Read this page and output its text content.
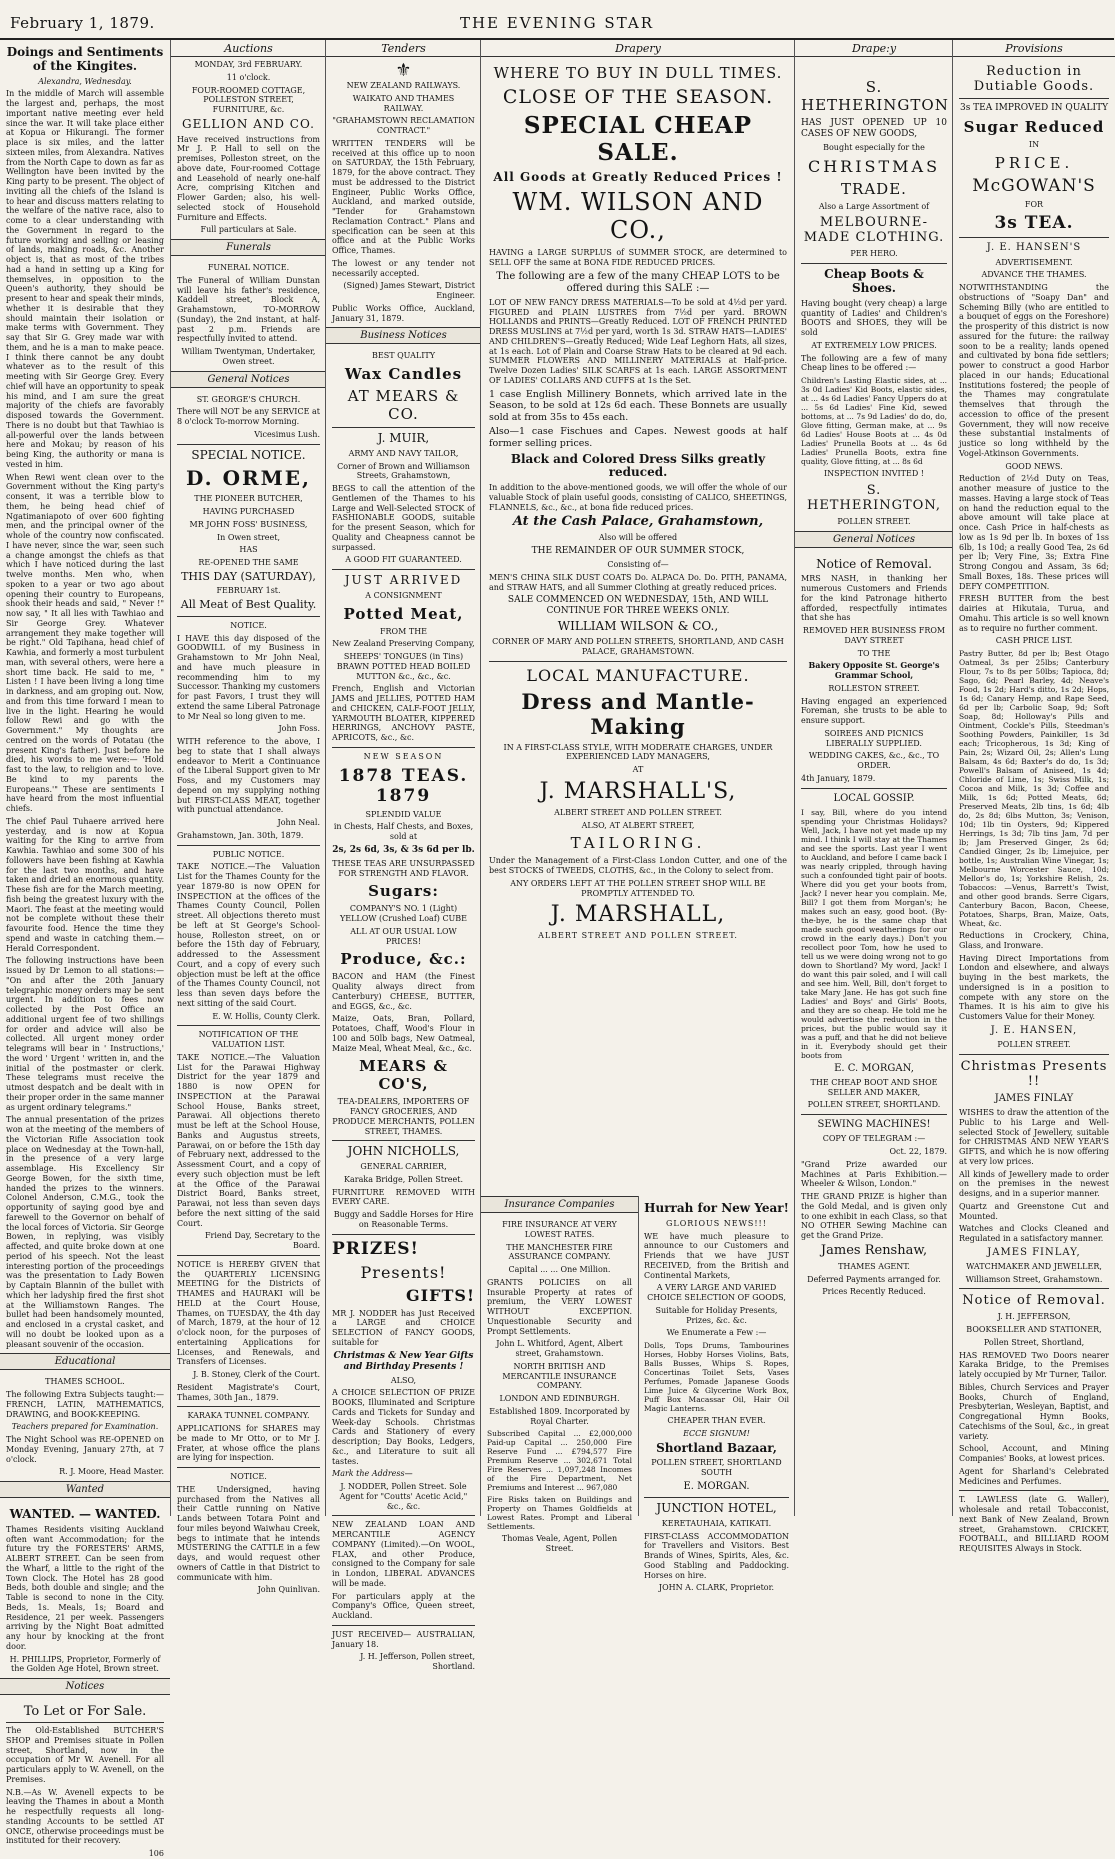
February 1, 1879.	THE EVENING STAR
Doings and Sentiments of the Kingites.

Alexandra, Wednesday.

In the middle of March will assemble the largest and, perhaps, the most important native meeting ever held since the war. It will take place either at Kopua or Hikurangi. The former place is six miles, and the latter sixteen miles, from Alexandra. Natives from the North Cape to down as far as Wellington have been invited by the King party to be present. The object of inviting all the chiefs of the Island is to hear and discuss matters relating to the welfare of the native race, also to come to a clear understanding with the Government in regard to the future working and selling or leasing of lands, making roads, &c. Another object is, that as most of the tribes had a hand in setting up a King for themselves, in opposition to the Queen's authority, they should be present to hear and speak their minds, whether it is desirable that they should maintain their isolation or make terms with Government. They say that Sir G. Grey made war with them, and he is a man to make peace. I think there cannot be any doubt whatever as to the result of this meeting with Sir George Grey. Every chief will have an opportunity to speak his mind, and I am sure the great majority of the chiefs are favorably disposed towards the Government. There is no doubt but that Tawhiao is all-powerful over the lands between here and Mokau; by reason of his being King, the authority or mana is vested in him.

When Rewi went clean over to the Government without the King party's consent, it was a terrible blow to them, he being head chief of Ngatimaniapoto of over 600 fighting men, and the principal owner of the whole of the country now confiscated. I have never, since the war, seen such a change amongst the chiefs as that which I have noticed during the last twelve months. Men who, when spoken to a year or two ago about opening their country to Europeans, shook their heads and said, " Never !" now say, " It all lies with Tawhiao and Sir George Grey. Whatever arrangement they make together will be right." Old Tapihana, head chief of Kawhia, and formerly a most turbulent man, with several others, were here a short time back. He said to me, " Listen ! I have been living a long time in darkness, and am groping out. Now, and from this time forward I mean to live in the light. Hearing he would follow Rewi and go with the Government." My thoughts are centred on the words of Potatau (the present King's father). Just before he died, his words to me were:— 'Hold fast to the law, to religion and to love. Be kind to my parents the Europeans.'" These are sentiments I have heard from the most influential chiefs.

The chief Paul Tuhaere arrived here yesterday, and is now at Kopua waiting for the King to arrive from Kawhia. Tawhiao and some 300 of his followers have been fishing at Kawhia for the last two months, and have taken and dried an enormous quantity. These fish are for the March meeting, fish being the greatest luxury with the Maori. The feast at the meeting would not be complete without these their favourite food. Hence the time they spend and waste in catching them.—Herald Correspondent.

The following instructions have been issued by Dr Lemon to all stations:— "On and after the 20th January telegraphic money orders may be sent urgent. In addition to fees now collected by the Post Office an additional urgent fee of two shillings for order and advice will also be collected. All urgent money order telegrams will bear in ' Instructions,' the word ' Urgent ' written in, and the initial of the postmaster or clerk. These telegrams must receive the utmost despatch and be dealt with in their proper order in the same manner as urgent ordinary telegrams."

The annual presentation of the prizes won at the meeting of the members of the Victorian Rifle Association took place on Wednesday at the Town-hall, in the presence of a very large assemblage. His Excellency Sir George Bowen, for the sixth time, handed the prizes to the winners. Colonel Anderson, C.M.G., took the opportunity of saying good bye and farewell to the Governor on behalf of the local forces of Victoria. Sir George Bowen, in replying, was visibly affected, and quite broke down at one period of his speech. Not the least interesting portion of the proceedings was the presentation to Lady Bowen by Captain Blannin of the bullet with which her ladyship fired the first shot at the Williamstown Ranges. The bullet had been handsomely mounted, and enclosed in a crystal casket, and will no doubt be looked upon as a pleasant souvenir of the occasion.

Educational

THAMES SCHOOL.

The following Extra Subjects taught:— FRENCH, LATIN, MATHEMATICS, DRAWING, and BOOK-KEEPING.

Teachers prepared for Examination.

The Night School was RE-OPENED on Monday Evening, January 27th, at 7 o'clock.

R. J. Moore, Head Master.

Wanted
WANTED. — WANTED.

Thames Residents visiting Auckland often want Accommodation; for the future try the FORESTERS' ARMS, ALBERT STREET. Can be seen from the Wharf, a little to the right of the Town Clock. The Hotel has 28 good Beds, both double and single; and the Table is second to none in the City. Beds, 1s. Meals, 1s; Board and Residence, 21 per week. Passengers arriving by the Night Boat admitted any hour by knocking at the front door.

H. PHILLIPS, Proprietor, Formerly of the Golden Age Hotel, Brown street.

Notices
To Let or For Sale.

The Old-Established BUTCHER'S SHOP and Premises situate in Pollen street, Shortland, now in the occupation of Mr W. Avenell. For all particulars apply to W. Avenell, on the Premises.

N.B.—As W. Avenell expects to be leaving the Thames in about a Month he respectfully requests all long-standing Accounts to be settled AT ONCE, otherwise proceedings must be instituted for their recovery.

106

Auctions

MONDAY, 3rd FEBRUARY.

11 o'clock.

FOUR-ROOMED COTTAGE, POLLESTON STREET, FURNITURE, &c.

GELLION AND CO.

Have received instructions from Mr J. P. Hall to sell on the premises, Polleston street, on the above date, Four-roomed Cottage and Leasehold of nearly one-half Acre, comprising Kitchen and Flower Garden; also, his well-selected stock of Household Furniture and Effects.

Full particulars at Sale.

Funerals

FUNERAL NOTICE.

The Funeral of William Dunstan will leave his father's residence, Kaddell street, Block A, Grahamstown, TO-MORROW (Sunday), the 2nd instant, at half-past 2 p.m. Friends are respectfully invited to attend.

William Twentyman, Undertaker, Owen street.

General Notices

ST. GEORGE'S CHURCH.

There will NOT be any SERVICE at 8 o'clock To-morrow Morning.

Vicesimus Lush.

SPECIAL NOTICE.
D. ORME,

THE PIONEER BUTCHER,

HAVING PURCHASED

MR JOHN FOSS' BUSINESS,

In Owen street,

HAS

RE-OPENED THE SAME

THIS DAY (SATURDAY),

FEBRUARY 1st.

All Meat of Best Quality.

NOTICE.

I HAVE this day disposed of the GOODWILL of my Business in Grahamstown to Mr John Neal, and have much pleasure in recommending him to my Successor. Thanking my customers for past Favors, I trust they will extend the same Liberal Patronage to Mr Neal so long given to me.

John Foss.

WITH reference to the above, I beg to state that I shall always endeavor to Merit a Continuance of the Liberal Support given to Mr Foss, and my Customers may depend on my supplying nothing but FIRST-CLASS MEAT, together with punctual attendance.

John Neal.

Grahamstown, Jan. 30th, 1879.

PUBLIC NOTICE.

TAKE NOTICE.—The Valuation List for the Thames County for the year 1879-80 is now OPEN for INSPECTION at the offices of the Thames County Council, Pollen street. All objections thereto must be left at St George's School-house, Rolleston street, on or before the 15th day of February, addressed to the Assessment Court, and a copy of every such objection must be left at the office of the Thames County Council, not less than seven days before the next sitting of the said Court.

E. W. Hollis, County Clerk.

NOTIFICATION OF THE VALUATION LIST.

TAKE NOTICE.—The Valuation List for the Parawai Highway District for the year 1879 and 1880 is now OPEN for INSPECTION at the Parawai School House, Banks street, Parawai. All objections thereto must be left at the School House, Banks and Augustus streets, Parawai, on or before the 15th day of February next, addressed to the Assessment Court, and a copy of every such objection must be left at the Office of the Parawai District Board, Banks street, Parawai, not less than seven days before the next sitting of the said Court.

Friend Day, Secretary to the Board.

NOTICE is HEREBY GIVEN that the QUARTERLY LICENSING MEETING for the Districts of THAMES and HAURAKI will be HELD at the Court House, Thames, on TUESDAY, the 4th day of March, 1879, at the hour of 12 o'clock noon, for the purposes of entertaining Applications for Licenses, and Renewals, and Transfers of Licenses.

J. B. Stoney, Clerk of the Court.

Resident Magistrate's Court, Thames, 30th Jan., 1879.

KARAKA TUNNEL COMPANY.

APPLICATIONS for SHARES may be made to Mr Otto, or to Mr J. Frater, at whose office the plans are lying for inspection.

NOTICE.

THE Undersigned, having purchased from the Natives all their Cattle running on Native Lands between Totara Point and four miles beyond Waiwhau Creek, begs to intimate that he intends MUSTERING the CATTLE in a few days, and would request other owners of Cattle in that District to communicate with him.

John Quinlivan.

Tenders
⚜

NEW ZEALAND RAILWAYS.

WAIKATO AND THAMES RAILWAY.

"GRAHAMSTOWN RECLAMATION CONTRACT."

WRITTEN TENDERS will be received at this office up to noon on SATURDAY, the 15th February, 1879, for the above contract. They must be addressed to the District Engineer, Public Works Office, Auckland, and marked outside, "Tender for Grahamstown Reclamation Contract." Plans and specification can be seen at this office and at the Public Works Office, Thames.

The lowest or any tender not necessarily accepted.

(Signed) James Stewart, District Engineer.

Public Works Office, Auckland, January 31, 1879.

Business Notices

BEST QUALITY

Wax Candles
AT MEARS & CO.
J. MUIR,

ARMY AND NAVY TAILOR,

Corner of Brown and Williamson Streets, Grahamstown,

BEGS to call the attention of the Gentlemen of the Thames to his Large and Well-Selected STOCK of FASHIONABLE GOODS, suitable for the present Season, which for Quality and Cheapness cannot be surpassed.

A GOOD FIT GUARANTEED.

JUST ARRIVED

A CONSIGNMENT

Potted Meat,

FROM THE

New Zealand Preserving Company,

SHEEPS' TONGUES (in Tins) BRAWN POTTED HEAD BOILED MUTTON &c., &c., &c.

French, English and Victorian JAMS and JELLIES, POTTED HAM and CHICKEN, CALF-FOOT JELLY, YARMOUTH BLOATER, KIPPERED HERRINGS, ANCHOVY PASTE, APRICOTS, &c., &c.

NEW SEASON

1878 TEAS. 1879

SPLENDID VALUE

in Chests, Half Chests, and Boxes, sold at

2s, 2s 6d, 3s, & 3s 6d per lb.

THESE TEAS ARE UNSURPASSED FOR STRENGTH AND FLAVOR.

Sugars:

COMPANY'S NO. 1 (Light) YELLOW (Crushed Loaf) CUBE

ALL AT OUR USUAL LOW PRICES!

Produce, &c.:

BACON and HAM (the Finest Quality always direct from Canterbury) CHEESE, BUTTER, and EGGS, &c., &c.

Maize, Oats, Bran, Pollard, Potatoes, Chaff, Wood's Flour in 100 and 50lb bags, New Oatmeal, Maize Meal, Wheat Meal, &c., &c.

MEARS & CO'S,

TEA-DEALERS, IMPORTERS OF FANCY GROCERIES, AND PRODUCE MERCHANTS, POLLEN STREET, THAMES.

JOHN NICHOLLS,

GENERAL CARRIER,

Karaka Bridge, Pollen Street.

FURNITURE REMOVED WITH EVERY CARE.

Buggy and Saddle Horses for Hire on Reasonable Terms.

PRIZES!
Presents!
GIFTS!

MR J. NODDER has Just Received a LARGE and CHOICE SELECTION of FANCY GOODS, suitable for

Christmas & New Year Gifts and Birthday Presents !

ALSO,

A CHOICE SELECTION OF PRIZE BOOKS, Illuminated and Scripture Cards and Tickets for Sunday and Week-day Schools. Christmas Cards and Stationery of every description; Day Books, Ledgers, &c., and Literature to suit all tastes.

Mark the Address—

J. NODDER, Pollen Street. Sole Agent for "Coutts' Acetic Acid," &c., &c.

NEW ZEALAND LOAN AND MERCANTILE AGENCY COMPANY (Limited).—On WOOL, FLAX, and other Produce, consigned to the Company for sale in London, LIBERAL ADVANCES will be made.

For particulars apply at the Company's Office, Queen street, Auckland.

JUST RECEIVED— AUSTRALIAN, January 18.

J. H. Jefferson, Pollen street, Shortland.

Drapery
WHERE TO BUY IN DULL TIMES.
CLOSE OF THE SEASON.
SPECIAL CHEAP SALE.
All Goods at Greatly Reduced Prices !
WM. WILSON AND CO.,

HAVING a LARGE SURPLUS of SUMMER STOCK, are determined to SELL OFF the same at BONA FIDE REDUCED PRICES.

The following are a few of the many CHEAP LOTS to be offered during this SALE :—

LOT OF NEW FANCY DRESS MATERIALS—To be sold at 4½d per yard. FIGURED and PLAIN LUSTRES from 7½d per yard. BROWN HOLLANDS and PRINTS—Greatly Reduced. LOT OF FRENCH PRINTED DRESS MUSLINS at 7½d per yard, worth 1s 3d. STRAW HATS—LADIES' AND CHILDREN'S—Greatly Reduced; Wide Leaf Leghorn Hats, all sizes, at 1s each. Lot of Plain and Coarse Straw Hats to be cleared at 9d each. SUMMER FLOWERS AND MILLINERY MATERIALS at Half-price. Twelve Dozen Ladies' SILK SCARFS at 1s each. LARGE ASSORTMENT OF LADIES' COLLARS AND CUFFS at 1s the Set.

1 case English Millinery Bonnets, which arrived late in the Season, to be sold at 12s 6d each. These Bonnets are usually sold at from 35s to 45s each.

Also—1 case Fischues and Capes. Newest goods at half former selling prices.

Black and Colored Dress Silks greatly reduced.

In addition to the above-mentioned goods, we will offer the whole of our valuable Stock of plain useful goods, consisting of CALICO, SHEETINGS, FLANNELS, &c., &c., at bona fide reduced prices.

At the Cash Palace, Grahamstown,

Also will be offered

THE REMAINDER OF OUR SUMMER STOCK,

Consisting of—

MEN'S CHINA SILK DUST COATS Do. ALPACA Do. Do. PITH, PANAMA, and STRAW HATS, and all Summer Clothing at greatly reduced prices.

SALE COMMENCED ON WEDNESDAY, 15th, AND WILL CONTINUE FOR THREE WEEKS ONLY.

WILLIAM WILSON & CO.,

CORNER OF MARY AND POLLEN STREETS, SHORTLAND, AND CASH PALACE, GRAHAMSTOWN.

LOCAL MANUFACTURE.
Dress and Mantle-Making

IN A FIRST-CLASS STYLE, WITH MODERATE CHARGES, UNDER EXPERIENCED LADY MANAGERS,

AT

J. MARSHALL'S,

ALBERT STREET AND POLLEN STREET.

ALSO, AT ALBERT STREET,

TAILORING.

Under the Management of a First-Class London Cutter, and one of the best STOCKS of TWEEDS, CLOTHS, &c., in the Colony to select from.

ANY ORDERS LEFT AT THE POLLEN STREET SHOP WILL BE PROMPTLY ATTENDED TO.

J. MARSHALL,

ALBERT STREET AND POLLEN STREET.

Insurance Companies

FIRE INSURANCE AT VERY LOWEST RATES.

THE MANCHESTER FIRE ASSURANCE COMPANY.

Capital ... ... One Million.

GRANTS POLICIES on all Insurable Property at rates of premium, the VERY LOWEST WITHOUT EXCEPTION. Unquestionable Security and Prompt Settlements.

John L. Whitford, Agent, Albert street, Grahamstown.

NORTH BRITISH AND MERCANTILE INSURANCE COMPANY.

LONDON AND EDINBURGH.

Established 1809. Incorporated by Royal Charter.

Subscribed Capital ... £2,000,000 Paid-up Capital ... 250,000 Fire Reserve Fund ... £794,577 Fire Premium Reserve ... 302,671 Total Fire Reserves ... 1,097,248 Incomes of the Fire Department, Net Premiums and Interest ... 967,080

Fire Risks taken on Buildings and Property on Thames Goldfields at Lowest Rates. Prompt and Liberal Settlements.

Thomas Veale, Agent, Pollen Street.

Hurrah for New Year!

GLORIOUS NEWS!!!

WE have much pleasure to announce to our Customers and Friends that we have JUST RECEIVED, from the British and Continental Markets,

A VERY LARGE AND VARIED CHOICE SELECTION OF GOODS,

Suitable for Holiday Presents, Prizes, &c. &c.

We Enumerate a Few :—

Dolls, Tops Drums, Tambourines Horses, Hobby Horses Violins, Bats, Balls Busses, Whips S. Ropes, Concertinas Toilet Sets, Vases Perfumes, Pomade Japanese Goods Lime Juice & Glycerine Work Box, Puff Box Macassar Oil, Hair Oil Magic Lanterns.

CHEAPER THAN EVER.

ECCE SIGNUM!

Shortland Bazaar,

POLLEN STREET, SHORTLAND SOUTH

E. MORGAN.

JUNCTION HOTEL,

KERETAUHAIA, KATIKATI.

FIRST-CLASS ACCOMMODATION for Travellers and Visitors. Best Brands of Wines, Spirits, Ales, &c. Good Stabling and Paddocking. Horses on hire.

JOHN A. CLARK, Proprietor.

Drape:y
S. HETHERINGTON

HAS JUST OPENED UP 10 CASES OF NEW GOODS,

Bought especially for the

CHRISTMAS
TRADE.

Also a Large Assortment of

MELBOURNE-MADE CLOTHING.

PER HERO.

Cheap Boots & Shoes.

Having bought (very cheap) a large quantity of Ladies' and Children's BOOTS and SHOES, they will be sold

AT EXTREMELY LOW PRICES.

The following are a few of many Cheap lines to be offered :—

Children's Lasting Elastic sides, at ... 3s 0d Ladies' Kid Boots, elastic sides, at ... 4s 6d Ladies' Fancy Uppers do at ... 5s 6d Ladies' Fine Kid, sewed bottoms, at ... 7s 9d Ladies' do do, do, Glove fitting, German make, at ... 9s 6d Ladies' House Boots at ... 4s 0d Ladies' Prunella Boots at ... 4s 6d Ladies' Prunella Boots, extra fine quality, Glove fitting, at ... 8s 6d

INSPECTION INVITED !

S. HETHERINGTON,

POLLEN STREET.

General Notices
Notice of Removal.

MRS NASH, in thanking her numerous Customers and Friends for the kind Patronage hitherto afforded, respectfully intimates that she has

REMOVED HER BUSINESS FROM DAVY STREET

TO THE

Bakery Opposite St. George's Grammar School,

ROLLESTON STREET.

Having engaged an experienced Foreman, she trusts to be able to ensure support.

SOIREES AND PICNICS LIBERALLY SUPPLIED.

WEDDING CAKES, &c., &c., TO ORDER.

4th January, 1879.

LOCAL GOSSIP.

I say, Bill, where do you intend spending your Christmas Holidays? Well, Jack, I have not yet made up my mind. I think I will stay at the Thames and see the sports. Last year I went to Auckland, and before I came back I was nearly crippled, through having such a confounded tight pair of boots. Where did you get your boots from, Jack? I never hear you complain. Me, Bill? I got them from Morgan's; he makes such an easy, good boot. (By-the-bye, he is the same chap that made such good weatherings for our crowd in the early days.) Don't you recollect poor Tom, how he used to tell us we were doing wrong not to go down to Shortland? My word, Jack! I do want this pair soled, and I will call and see him. Well, Bill, don't forget to take Mary Jane. He has got such fine Ladies' and Boys' and Girls' Boots, and they are so cheap. He told me he would advertise the reduction in the prices, but the public would say it was a puff, and that he did not believe in it. Everybody should get their boots from

E. C. MORGAN,

THE CHEAP BOOT AND SHOE SELLER AND MAKER,

POLLEN STREET, SHORTLAND.

SEWING MACHINES!

COPY OF TELEGRAM :—

Oct. 22, 1879.

"Grand Prize awarded our Machines at Paris Exhibition.—Wheeler & Wilson, London."

THE GRAND PRIZE is higher than the Gold Medal, and is given only to one exhibit in each Class, so that NO OTHER Sewing Machine can get the Grand Prize.

James Renshaw,

THAMES AGENT.

Deferred Payments arranged for.

Prices Recently Reduced.

Provisions
Reduction in Dutiable Goods.

3s TEA IMPROVED IN QUALITY

Sugar Reduced

IN

PRICE.
McGOWAN'S

FOR

3s TEA.

J. E. HANSEN'S

ADVERTISEMENT.

ADVANCE THE THAMES.

NOTWITHSTANDING the obstructions of "Soapy Dan" and Scheming Billy (who are entitled to a bouquet of eggs on the Foreshore) the prosperity of this district is now assured for the future: the railway soon to be a reality; lands opened and cultivated by bona fide settlers; power to construct a good Harbor placed in our hands; Educational Institutions fostered; the people of the Thames may congratulate themselves that through the accession to office of the present Government, they will now receive these substantial instalments of justice so long withheld by the Vogel-Atkinson Governments.

GOOD NEWS.

Reduction of 2½d Duty on Teas, another measure of justice to the masses. Having a large stock of Teas on hand the reduction equal to the above amount will take place at once. Cash Price in half-chests as low as 1s 9d per lb. In boxes of 1ss 6lb, 1s 10d; a really Good Tea, 2s 6d per lb; Very Fine, 3s; Extra Fine Strong Congou and Assam, 3s 6d; Small Boxes, 18s. These prices will DEFY COMPETITION.

FRESH BUTTER from the best dairies at Hikutaia, Turua, and Omahu. This article is so well known as to require no further comment.

CASH PRICE LIST.

Pastry Butter, 8d per lb; Best Otago Oatmeal, 3s per 25lbs; Canterbury Flour, 7s to 8s per 50lbs; Tapioca, 8d; Sago, 6d; Pearl Barley, 4d; Neave's Food, 1s 2d; Hard's ditto, 1s 2d; Hops, 1s 6d; Canary Hemp, and Rape Seed, 6d per lb; Carbolic Soap, 9d; Soft Soap, 8d; Holloway's Pills and Ointment, Cockle's Pills, Steedman's Soothing Powders, Painkiller, 1s 3d each; Tricopherous, 1s 3d; King of Pain, 2s; Wizard Oil, 2s; Allen's Lung Balsam, 4s 6d; Baxter's do do, 1s 3d; Powell's Balsam of Aniseed, 1s 4d; Chloride of Lime, 1s; Swiss Milk, 1s; Cocoa and Milk, 1s 3d; Coffee and Milk, 1s 6d; Potted Meats, 6d; Preserved Meats, 2lb tins, 1s 6d; 4lb do, 2s 8d; 6lbs Mutton, 3s; Venison, 10d; 1lb tin Oysters, 9d; Kippered Herrings, 1s 3d; 7lb tins Jam, 7d per lb; Jam Preserved Ginger, 2s 6d; Candied Ginger, 2s lb; Limejuice, per bottle, 1s; Australian Wine Vinegar, 1s; Melbourne Worcester Sauce, 10d; Mellor's do, 1s; Yorkshire Relish, 2s. Tobaccos: —Venus, Barrett's Twist, and other good brands. Serre Cigars, Canterbury Bacon, Bacon, Cheese, Potatoes, Sharps, Bran, Maize, Oats, Wheat, &c.

Reductions in Crockery, China, Glass, and Ironware.

Having Direct Importations from London and elsewhere, and always buying in the best markets, the undersigned is in a position to compete with any store on the Thames. It is his aim to give his Customers Value for their Money.

J. E. HANSEN,

POLLEN STREET.

Christmas Presents !!

JAMES FINLAY

WISHES to draw the attention of the Public to his Large and Well-selected Stock of Jewellery, suitable for CHRISTMAS AND NEW YEAR'S GIFTS, and which he is now offering at very low prices.

All kinds of Jewellery made to order on the premises in the newest designs, and in a superior manner.

Quartz and Greenstone Cut and Mounted.

Watches and Clocks Cleaned and Regulated in a satisfactory manner.

JAMES FINLAY,

WATCHMAKER AND JEWELLER,

Williamson Street, Grahamstown.

Notice of Removal.

J. H. JEFFERSON,

BOOKSELLER AND STATIONER,

Pollen Street, Shortland,

HAS REMOVED Two Doors nearer Karaka Bridge, to the Premises lately occupied by Mr Turner, Tailor.

Bibles, Church Services and Prayer Books, Church of England, Presbyterian, Wesleyan, Baptist, and Congregational Hymn Books, Catechisms of the Soul, &c., in great variety.

School, Account, and Mining Companies' Books, at lowest prices.

Agent for Sharland's Celebrated Medicines and Perfumes.

T. LAWLESS (late G. Waller), wholesale and retail Tobacconist, next Bank of New Zealand, Brown street, Grahamstown. CRICKET, FOOTBALL, and BILLIARD ROOM REQUISITES Always in Stock.
